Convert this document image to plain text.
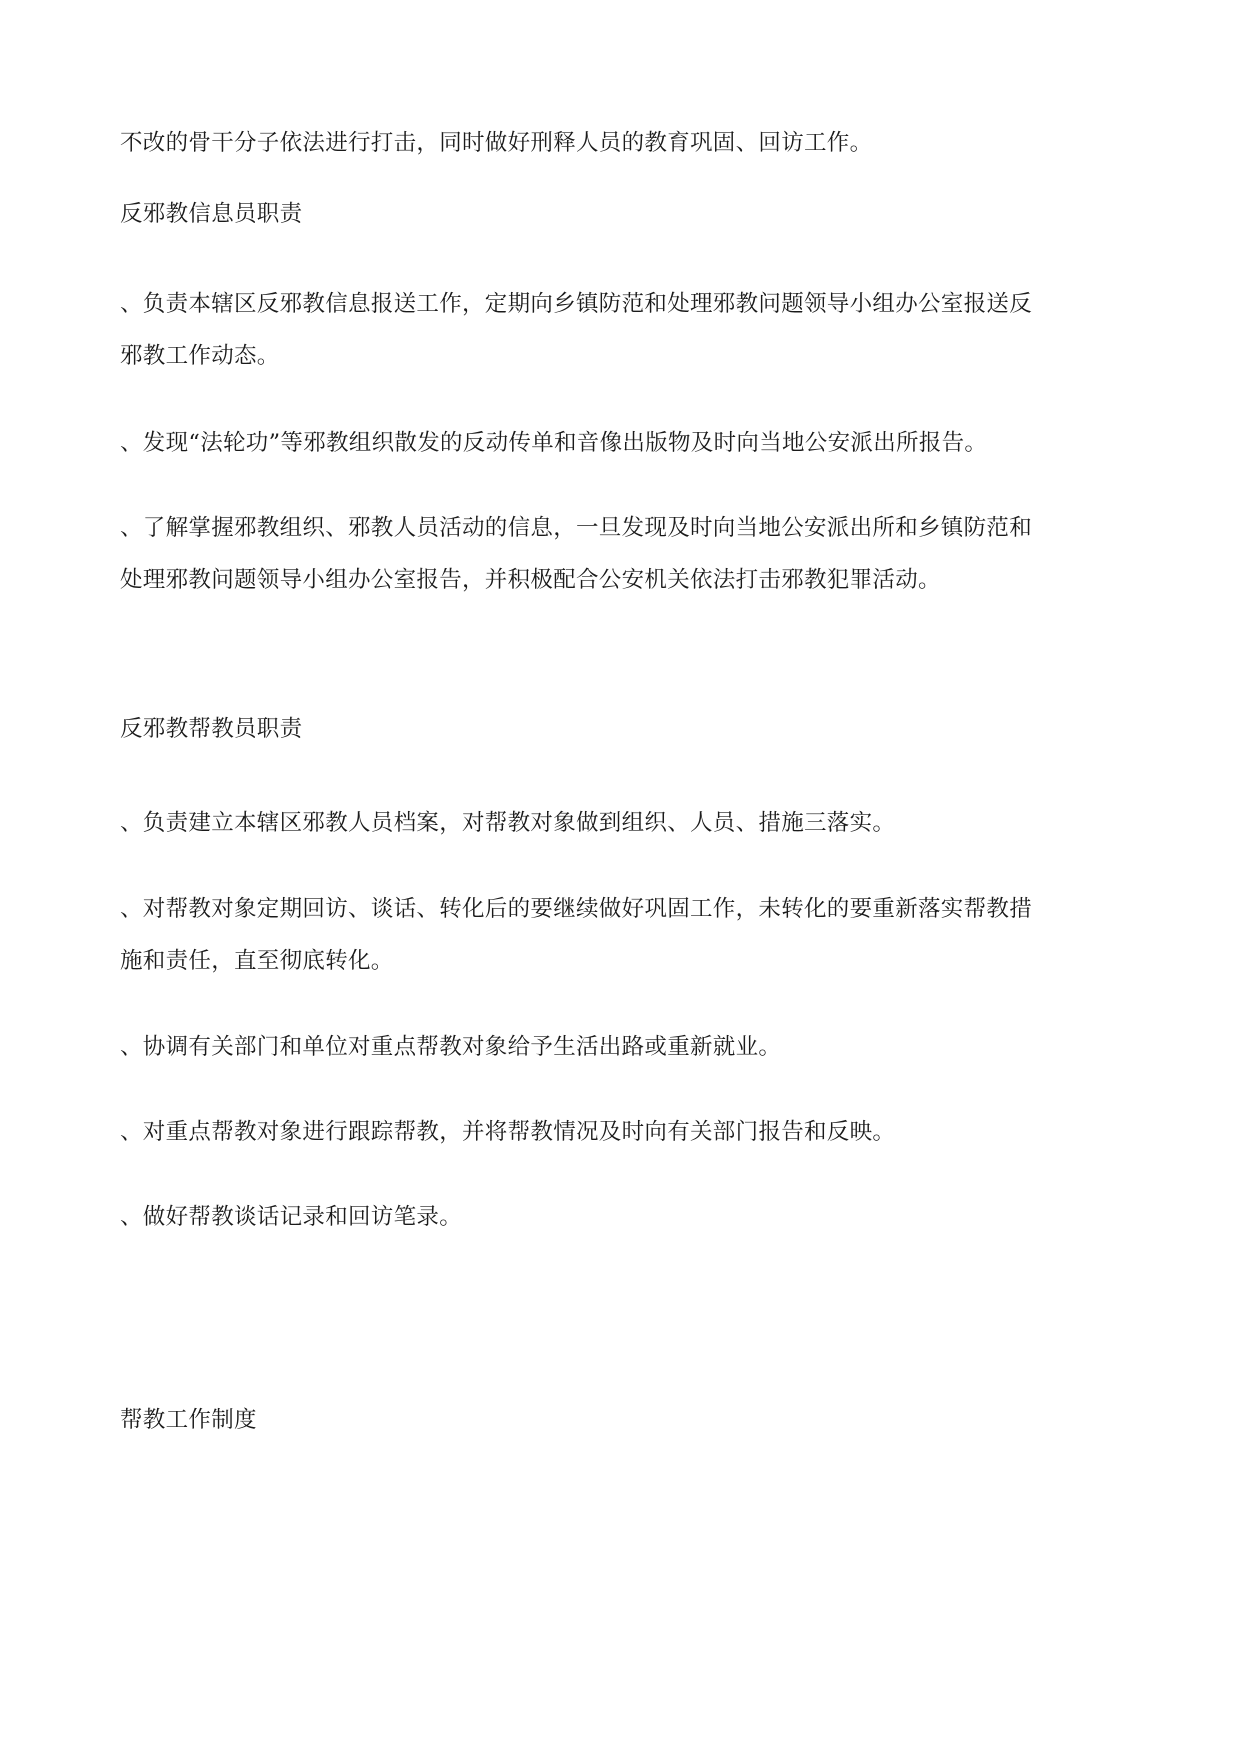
不改的骨干分子依法进行打击，同时做好刑释人员的教育巩固、回访工作。

反邪教信息员职责

、负责本辖区反邪教信息报送工作，定期向乡镇防范和处理邪教问题领导小组办公室报送反
邪教工作动态。
、发现“法轮功”等邪教组织散发的反动传单和音像出版物及时向当地公安派出所报告。
、了解掌握邪教组织、邪教人员活动的信息，一旦发现及时向当地公安派出所和乡镇防范和
处理邪教问题领导小组办公室报告，并积极配合公安机关依法打击邪教犯罪活动。

反邪教帮教员职责

、负责建立本辖区邪教人员档案，对帮教对象做到组织、人员、措施三落实。
、对帮教对象定期回访、谈话、转化后的要继续做好巩固工作，未转化的要重新落实帮教措
施和责任，直至彻底转化。
、协调有关部门和单位对重点帮教对象给予生活出路或重新就业。
、对重点帮教对象进行跟踪帮教，并将帮教情况及时向有关部门报告和反映。
、做好帮教谈话记录和回访笔录。

帮教工作制度
